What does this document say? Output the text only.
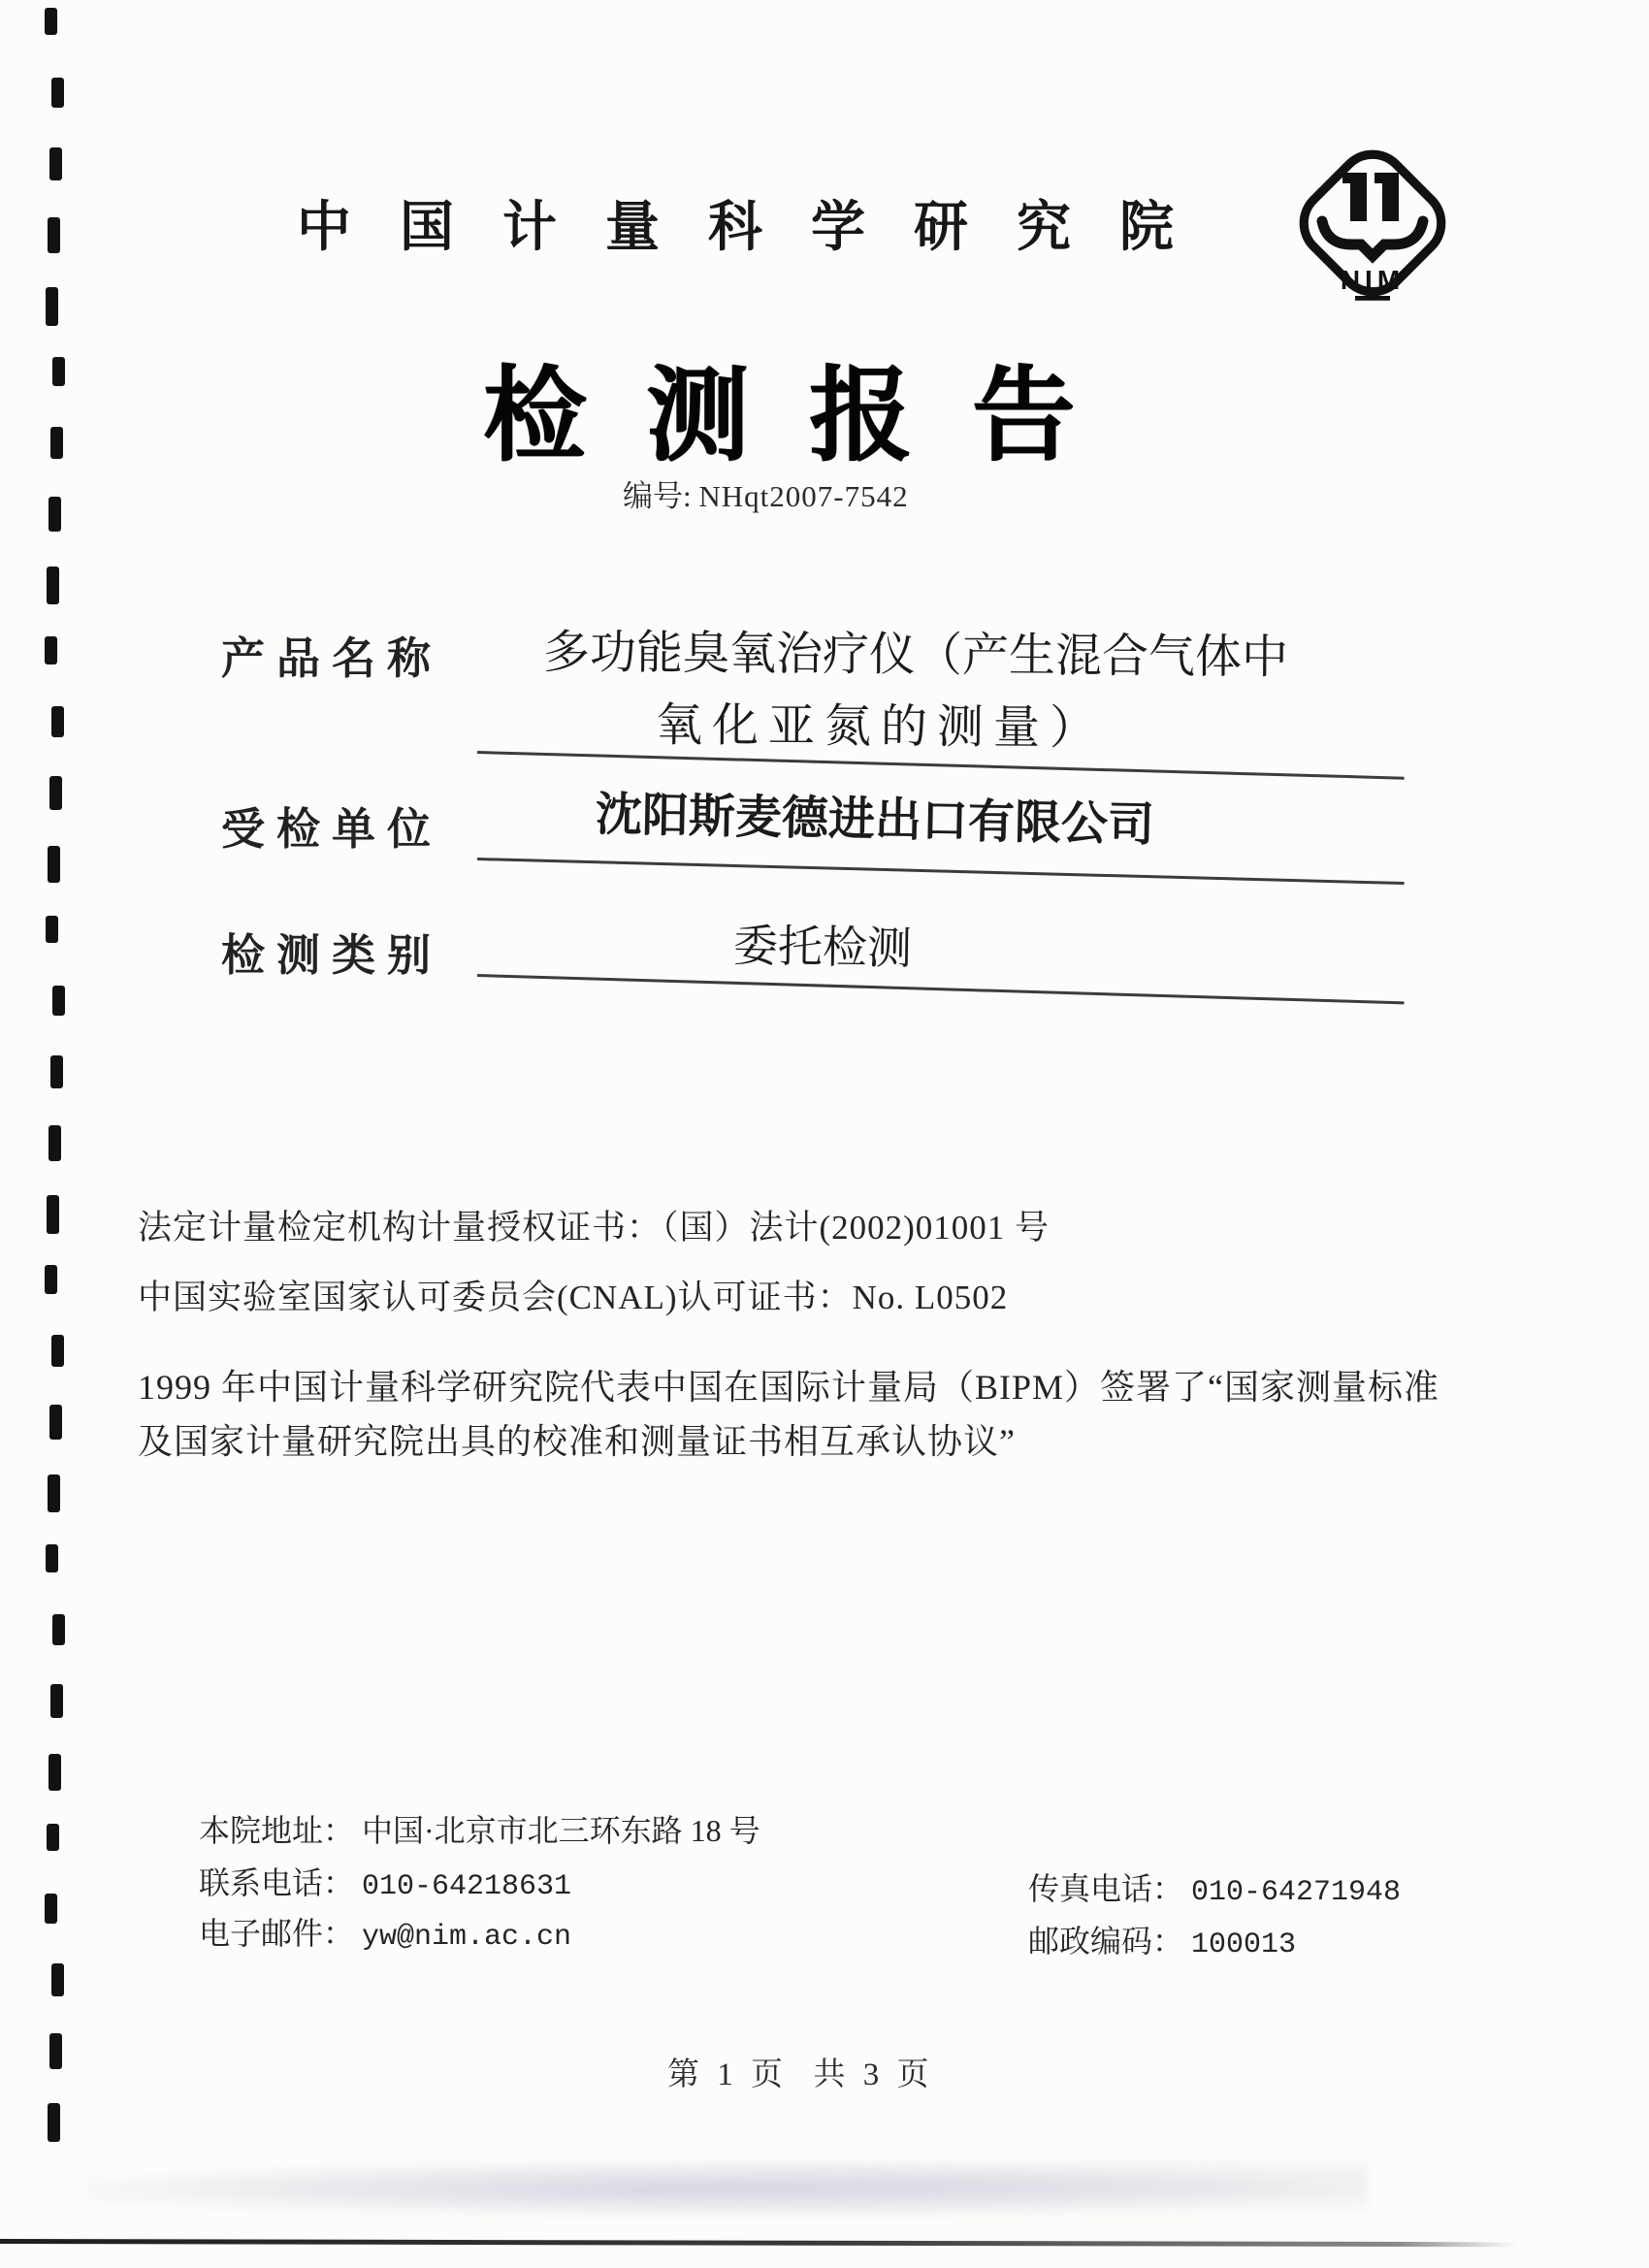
中国计量科学研究院
NIM
检测报告
编号: NHqt2007-7542
产品名称 多功能臭氧治疗仪（产生混合气体中
氧化亚氮的测量）
受检单位	沈阳斯麦德进出口有限公司
检测类别	委托检测
法定计量检定机构计量授权证书：（国）法计(2002)01001 号
中国实验室国家认可委员会(CNAL)认可证书：No. L0502
1999 年中国计量科学研究院代表中国在国际计量局（BIPM）签署了“国家测量标准
及国家计量研究院出具的校准和测量证书相互承认协议”
本院地址： 中国·北京市北三环东路 18 号
联系电话： 010-64218631
电子邮件： yw@nim.ac.cn
传真电话： 010-64271948
邮政编码： 100013
第 1 页  共 3 页
